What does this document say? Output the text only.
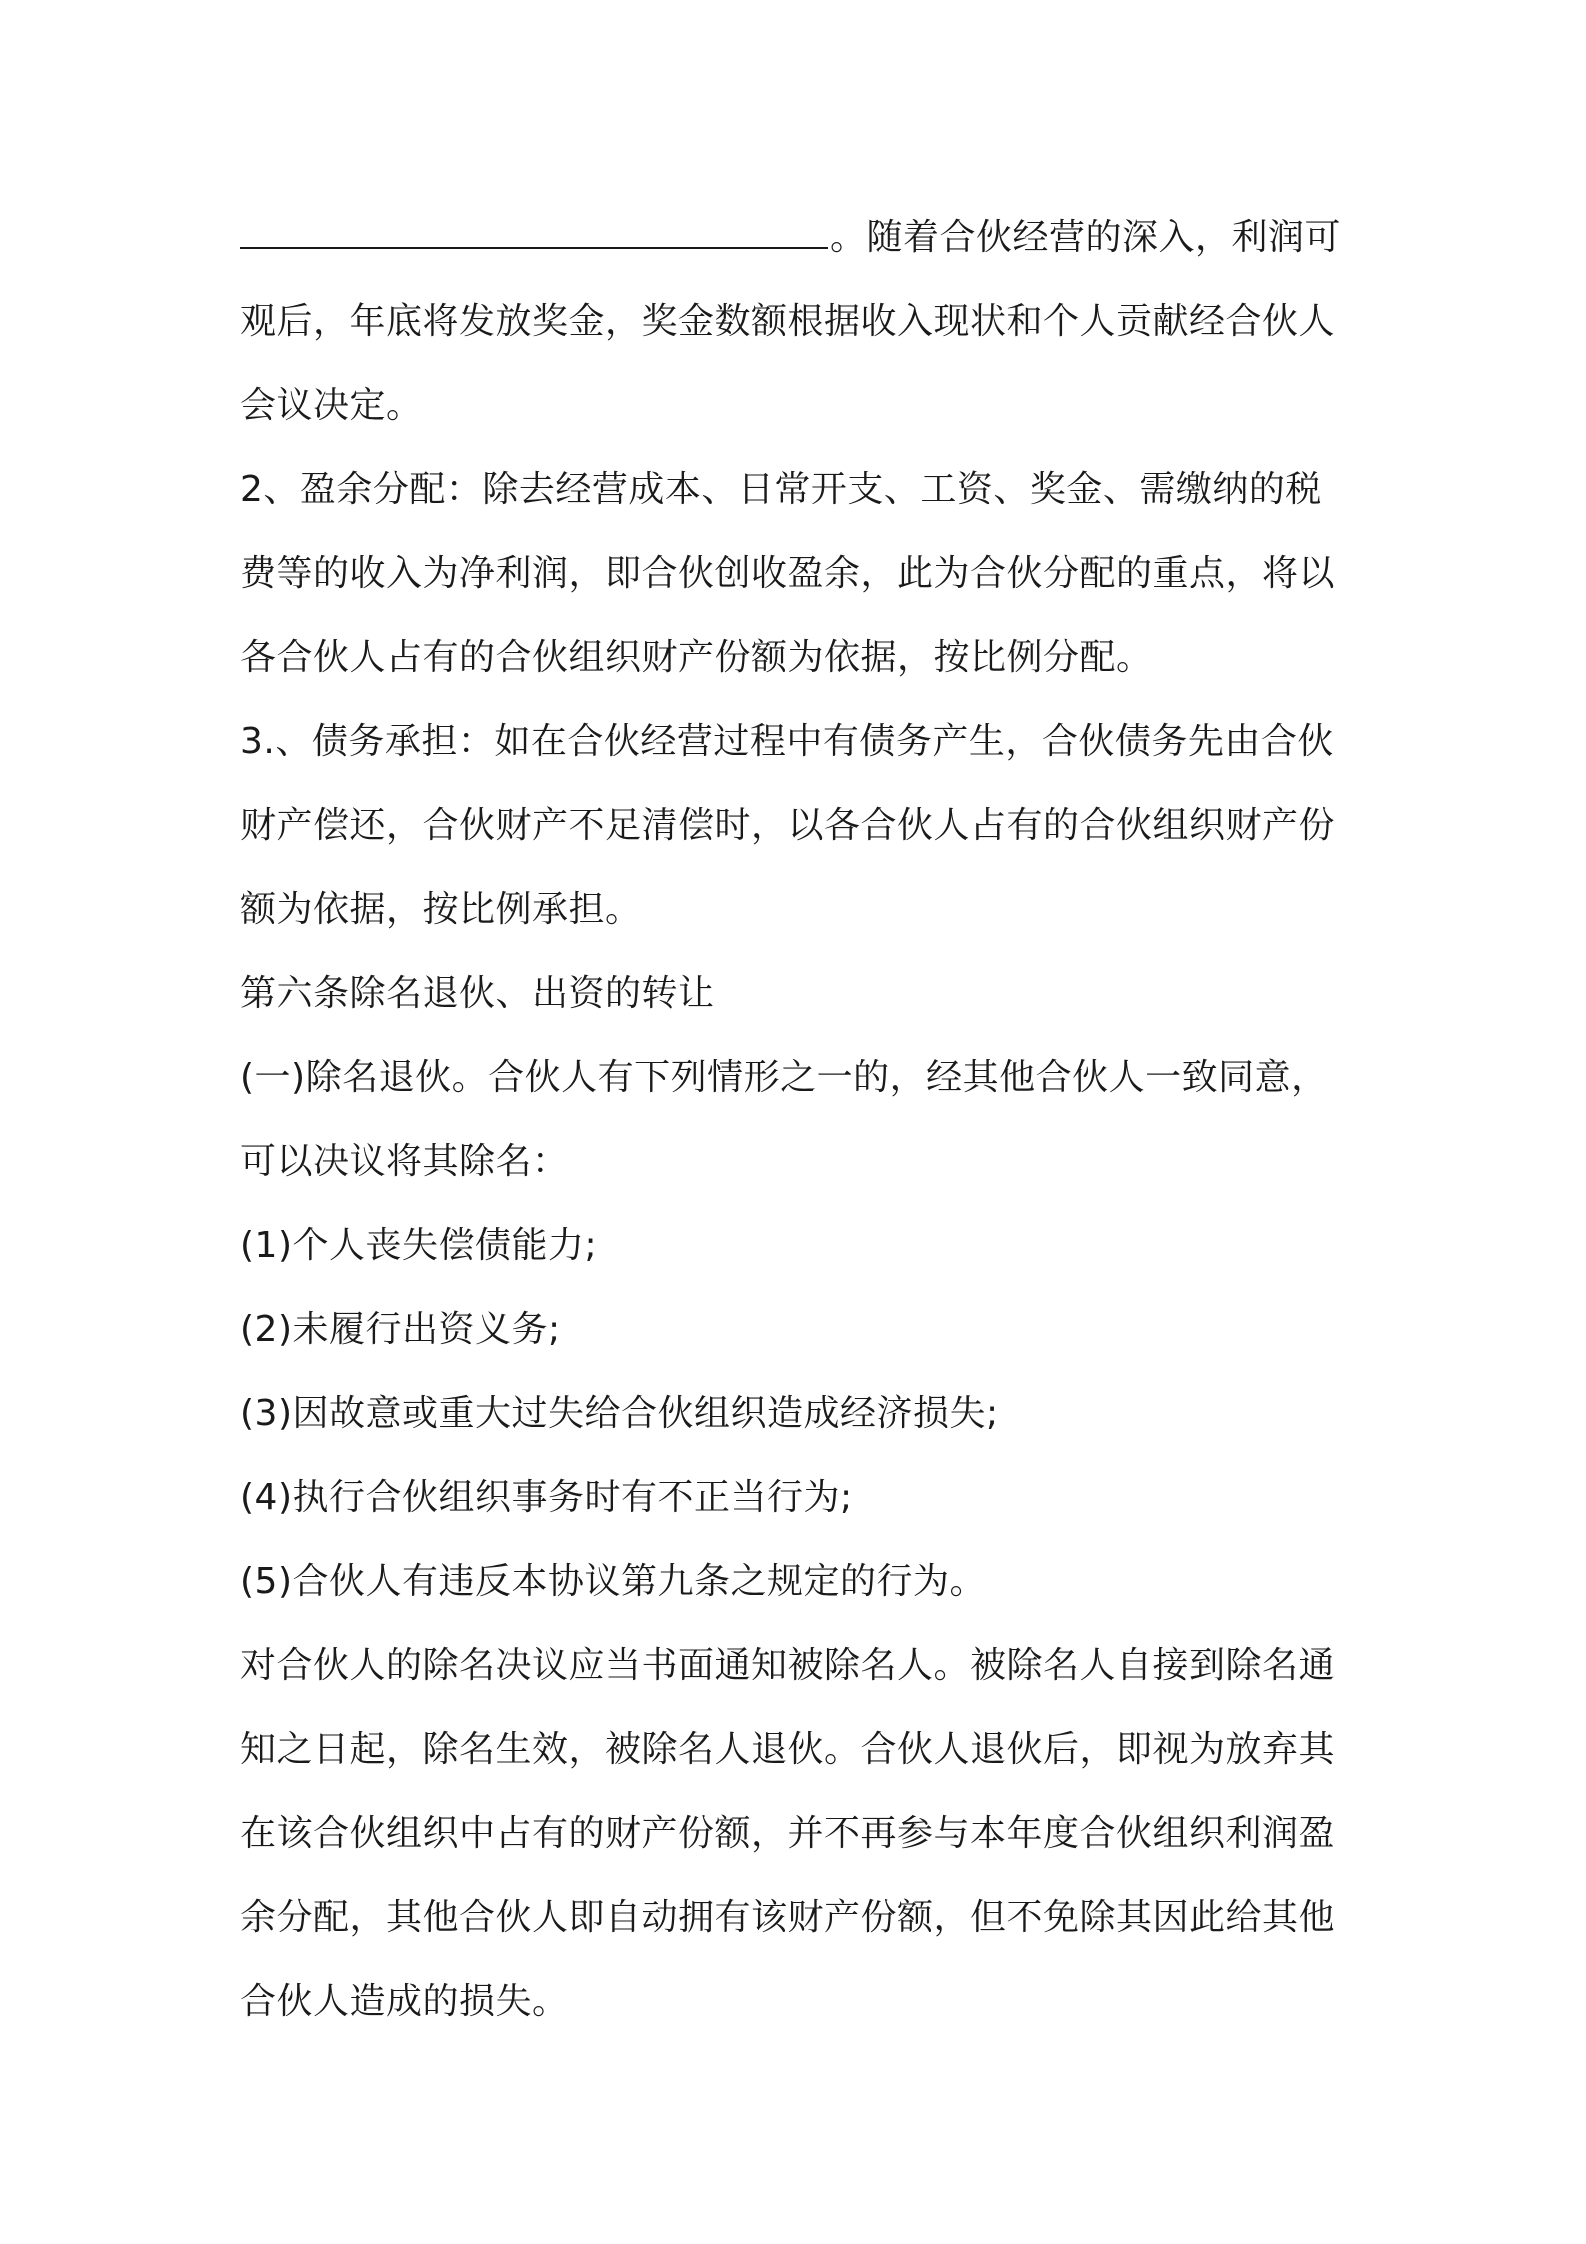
。随着合伙经营的深入，利润可
观后，年底将发放奖金，奖金数额根据收入现状和个人贡献经合伙人
会议决定。
2、盈余分配：除去经营成本、日常开支、工资、奖金、需缴纳的税
费等的收入为净利润，即合伙创收盈余，此为合伙分配的重点，将以
各合伙人占有的合伙组织财产份额为依据，按比例分配。
3.、债务承担：如在合伙经营过程中有债务产生，合伙债务先由合伙
财产偿还，合伙财产不足清偿时，以各合伙人占有的合伙组织财产份
额为依据，按比例承担。
第六条除名退伙、出资的转让
(一)除名退伙。合伙人有下列情形之一的，经其他合伙人一致同意，
可以决议将其除名：
(1)个人丧失偿债能力;
(2)未履行出资义务;
(3)因故意或重大过失给合伙组织造成经济损失;
(4)执行合伙组织事务时有不正当行为;
(5)合伙人有违反本协议第九条之规定的行为。
对合伙人的除名决议应当书面通知被除名人。被除名人自接到除名通
知之日起，除名生效，被除名人退伙。合伙人退伙后，即视为放弃其
在该合伙组织中占有的财产份额，并不再参与本年度合伙组织利润盈
余分配，其他合伙人即自动拥有该财产份额，但不免除其因此给其他
合伙人造成的损失。
